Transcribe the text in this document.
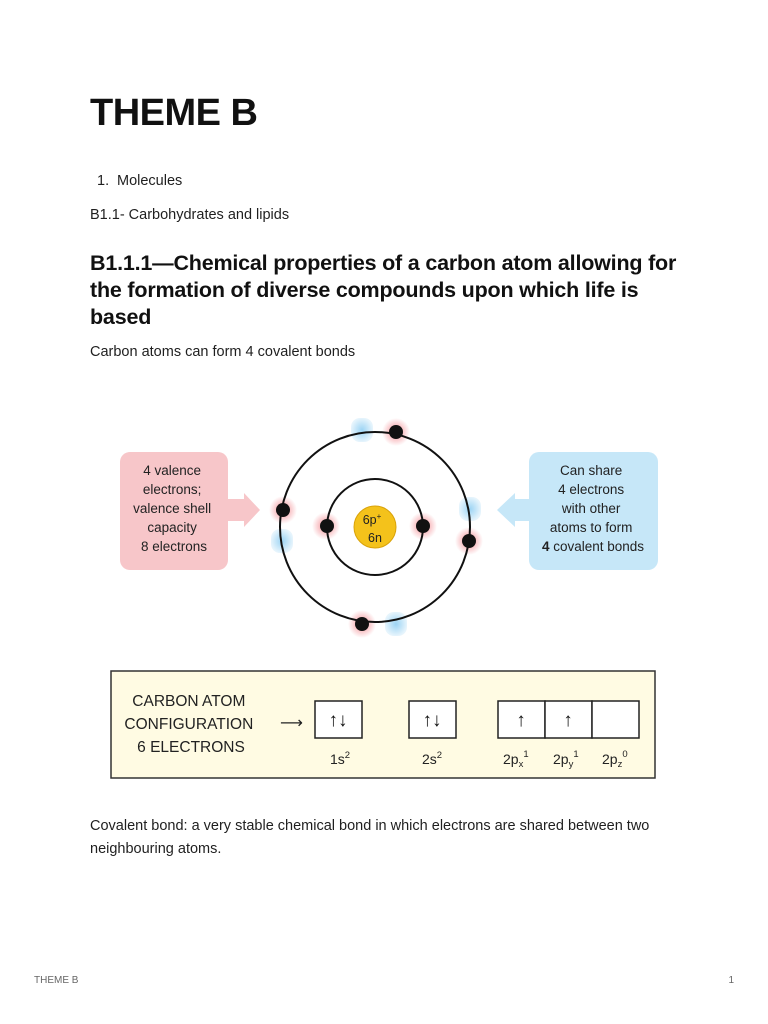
THEME B
1. Molecules
B1.1- Carbohydrates and lipids
B1.1.1—Chemical properties of a carbon atom allowing for the formation of diverse compounds upon which life is based
Carbon atoms can form 4 covalent bonds
4 valence electrons; valence shell capacity 8 electrons
Can share 4 electrons with other atoms to form 4 covalent bonds
6p+
6n
CARBON ATOM CONFIGURATION 6 ELECTRONS
⟶ ↑↓	↑↓	↑ ↑
$1s^2$	$2s^2$	$2p_x^1$ $2p_y^1$ $2p_z^0$
Covalent bond: a very stable chemical bond in which electrons are shared between two neighbouring atoms.
THEME B	1
